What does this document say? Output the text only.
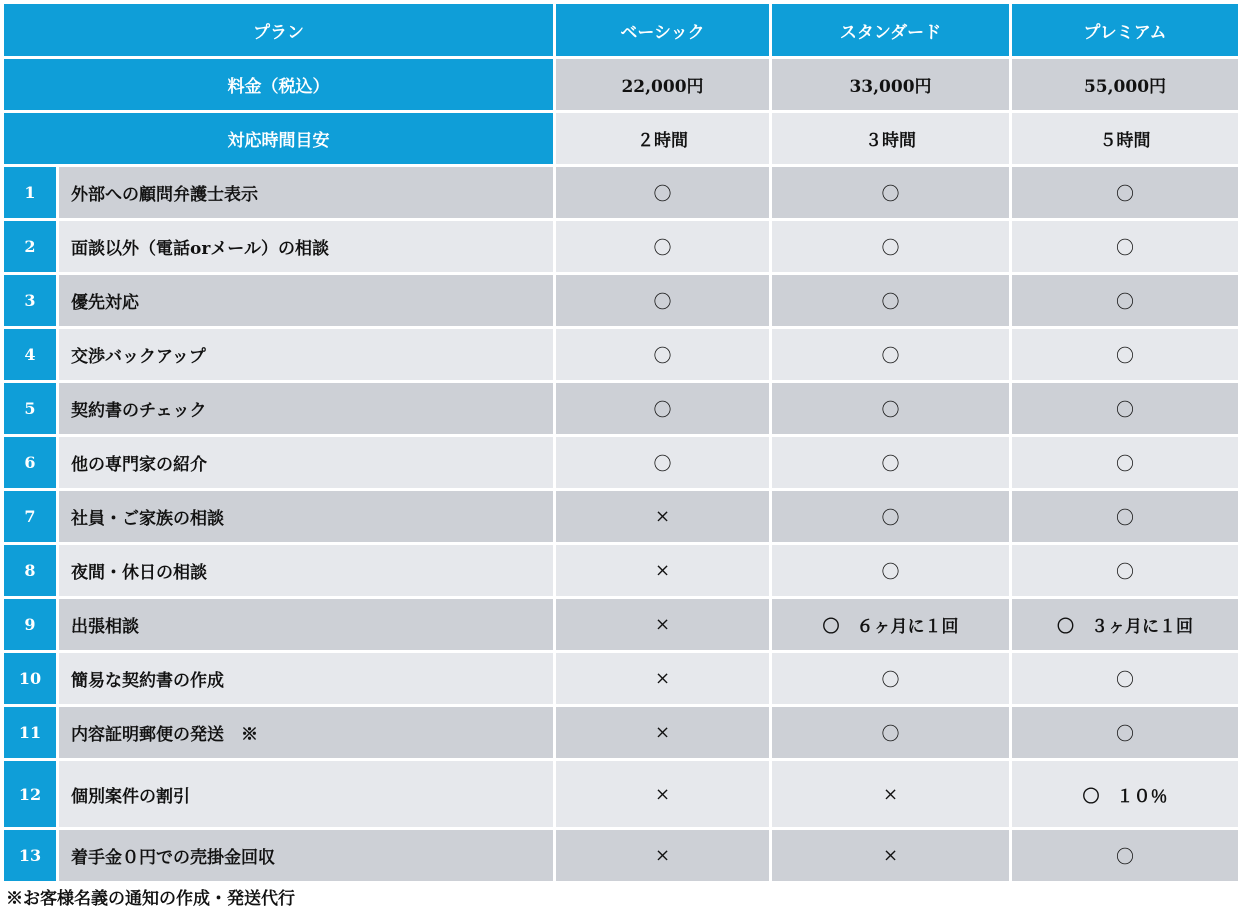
プラン	ベーシック	スタンダード	プレミアム
料金（税込）	22,000円	33,000円	55,000円
対応時間目安	２時間	３時間	５時間
1	外部への顧問弁護士表示	〇	〇	〇
2	面談以外（電話orメール）の相談	〇	〇	〇
3	優先対応	〇	〇	〇
4	交渉バックアップ	〇	〇	〇
5	契約書のチェック	〇	〇	〇
6	他の専門家の紹介	〇	〇	〇
7	社員・ご家族の相談	×	〇	〇
8	夜間・休日の相談	×	〇	〇
9	出張相談	×	〇　６ヶ月に１回	〇　３ヶ月に１回
10	簡易な契約書の作成	×	〇	〇
11	内容証明郵便の発送　※	×	〇	〇
12	個別案件の割引	×	×	〇　１０％
13	着手金０円での売掛金回収	×	×	〇
※お客様名義の通知の作成・発送代行
